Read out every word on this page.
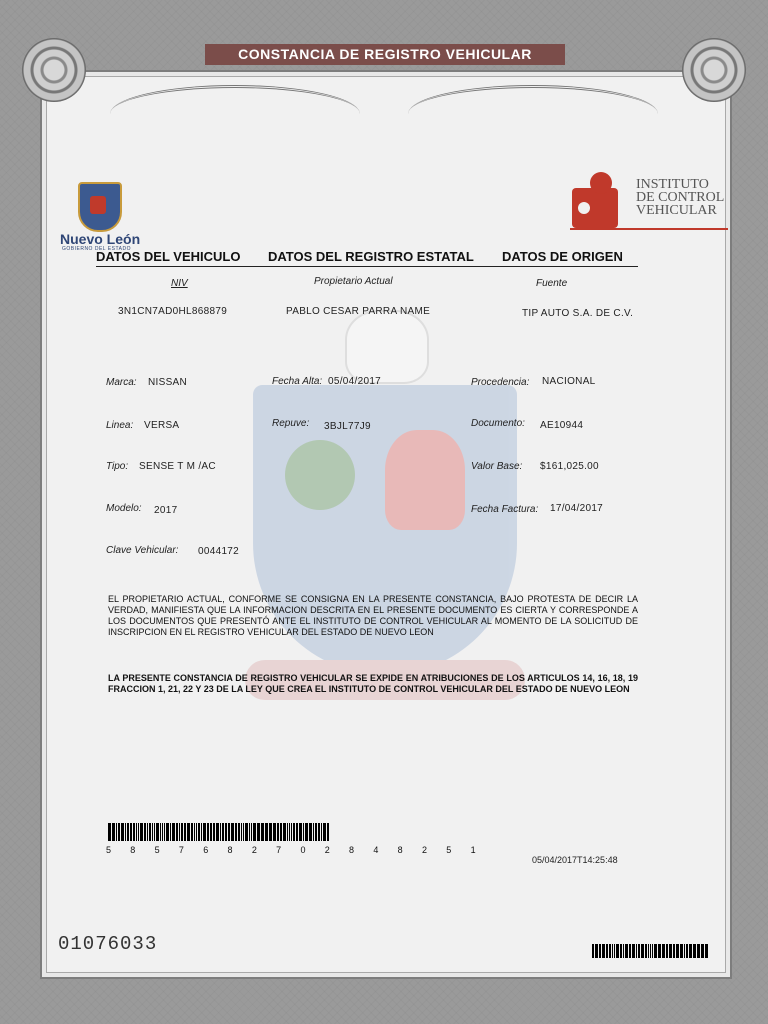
CONSTANCIA DE REGISTRO VEHICULAR
Nuevo León
GOBIERNO DEL ESTADO
INSTITUTO DE CONTROL VEHICULAR
DATOS DEL VEHICULO DATOS DEL REGISTRO ESTATAL DATOS DE ORIGEN
NIV	Propietario Actual	Fuente
3N1CN7AD0HL868879	PABLO CESAR PARRA NAME	TIP AUTO S.A. DE C.V.
Marca: NISSAN
Linea: VERSA
Tipo: SENSE T M /AC
Modelo: 2017
Clave Vehicular: 0044172
Fecha Alta: 05/04/2017
Repuve: 3BJL77J9
Procedencia: NACIONAL
Documento: AE10944
Valor Base: $161,025.00
Fecha Factura: 17/04/2017
EL PROPIETARIO ACTUAL, CONFORME SE CONSIGNA EN LA PRESENTE CONSTANCIA, BAJO PROTESTA DE DECIR LA VERDAD, MANIFIESTA QUE LA INFORMACION DESCRITA EN EL PRESENTE DOCUMENTO ES CIERTA Y CORRESPONDE A LOS DOCUMENTOS QUE PRESENTÓ ANTE EL INSTITUTO DE CONTROL VEHICULAR AL MOMENTO DE LA SOLICITUD DE INSCRIPCION EN EL REGISTRO VEHICULAR DEL ESTADO DE NUEVO LEON
LA PRESENTE CONSTANCIA DE REGISTRO VEHICULAR SE EXPIDE EN ATRIBUCIONES DE LOS ARTICULOS 14, 16, 18, 19 FRACCION 1, 21, 22 Y 23 DE LA LEY QUE CREA EL INSTITUTO DE CONTROL VEHICULAR DEL ESTADO DE NUEVO LEON
5 8 5 7 6 8 2 7 0 2 8 4 8 2 5 1
05/04/2017T14:25:48
01076033
